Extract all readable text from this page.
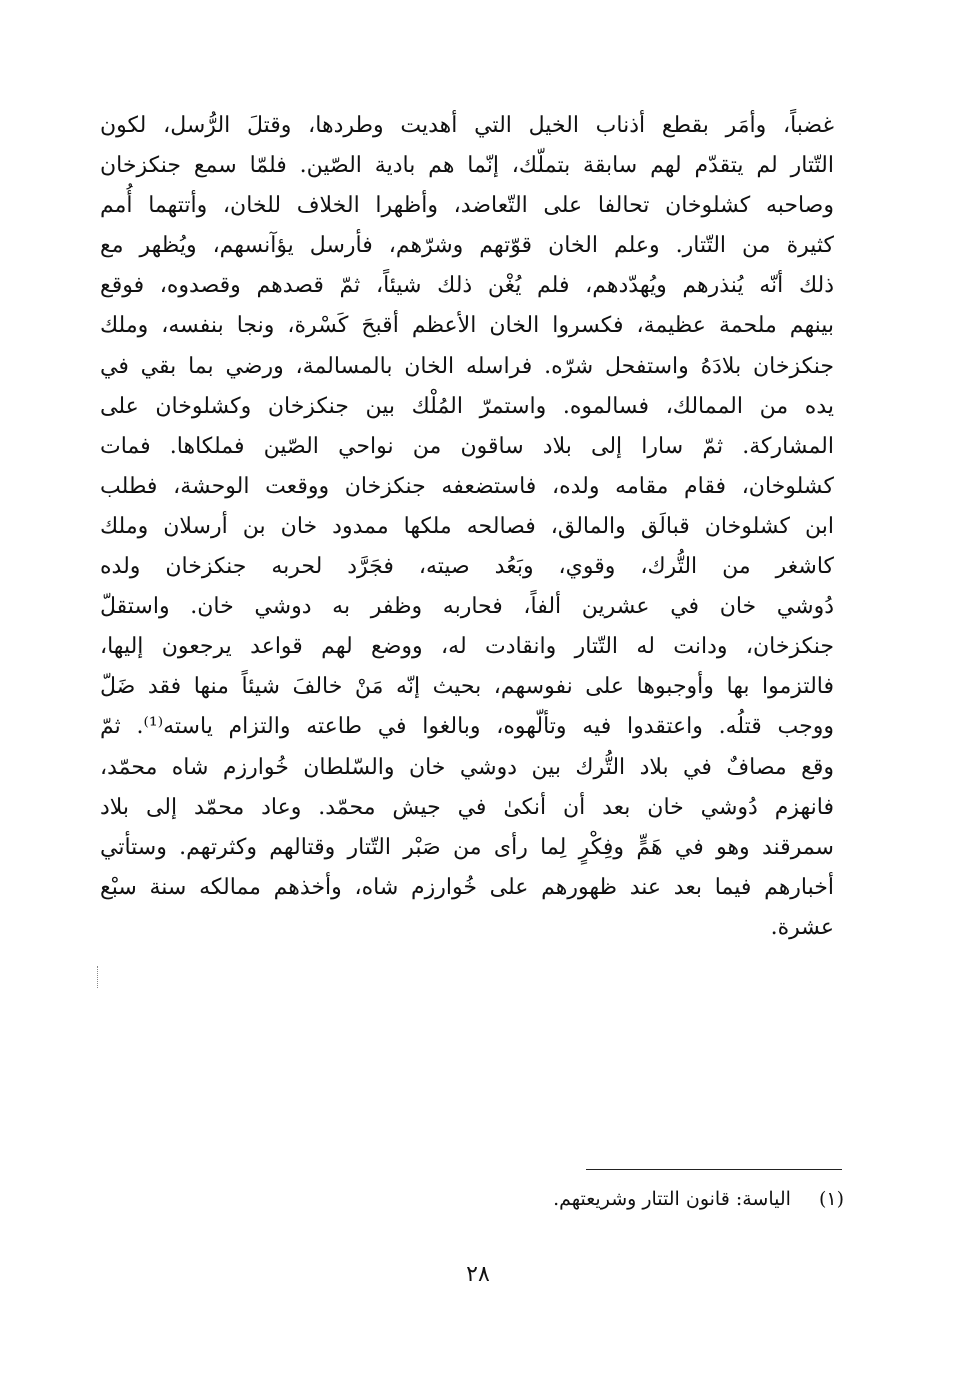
غضباً، وأمَر بقطع أذناب الخيل التي أهديت وطردها، وقتلَ الرُّسل، لكون
التّتار لم يتقدّم لهم سابقة بتملّك، إنّما هم بادية الصّين. فلمّا سمع جنكزخان
وصاحبه كشلوخان تحالفا على التّعاضد، وأظهرا الخلاف للخان، وأتتهما أُمم
كثيرة من التّتار. وعلم الخان قوّتهم وشرّهم، فأرسل يؤآنسهم، ويُظهر مع
ذلك أنّه يُنذرهم ويُهدّدهم، فلم يُغْن ذلك شيئاً، ثمّ قصدهم وقصدوه، فوقع
بينهم ملحمة عظيمة، فكسروا الخان الأعظم أقبحَ كَسْرة، ونجا بنفسه، وملك
جنكزخان بلادَهُ واستفحل شرّه. فراسله الخان بالمسالمة، ورضي بما بقي في
يده من الممالك، فسالموه. واستمرّ المُلْك بين جنكزخان وكشلوخان على
المشاركة. ثمّ سارا إلى بلاد ساقون من نواحي الصّين فملكاها. فمات
كشلوخان، فقام مقامه ولده، فاستضعفه جنكزخان ووقعت الوحشة، فطلب
ابن كشلوخان قبالَق والمالق، فصالحه ملكها ممدود خان بن أرسلان وملك
كاشغر من التُّرك، وقوي، وبَعُد صيته، فجَرَّد لحربه جنكزخان ولده
دُوشي خان في عشرين ألفاً، فحاربه وظفر به دوشي خان. واستقلّ
جنكزخان، ودانت له التّتار وانقادت له، ووضع لهم قواعد يرجعون إليها،
فالتزموا بها وأوجبوها على نفوسهم، بحيث إنّه مَنْ خالفَ شيئاً منها فقد ضَلّ
ووجب قتلُه. واعتقدوا فيه وتألّهوه، وبالغوا في طاعته والتزام ياسته⁽¹⁾. ثمّ
وقع مصافٌ في بلاد التُّرك بين دوشي خان والسّلطان خُوارزم شاه محمّد،
فانهزم دُوشي خان بعد أن أنكىٰ في جيش محمّد. وعاد محمّد إلى بلاد
سمرقند وهو في هَمٍّ وفِكْرٍ لِما رأى من صَبْر التّتار وقتالهم وكثرتهم. وستأتي
أخبارهم فيما بعد عند ظهورهم على خُوارزم شاه، وأخذهم ممالكه سنة سبْع
عشرة.
(١)الياسة: قانون التتار وشريعتهم.
٢٨
